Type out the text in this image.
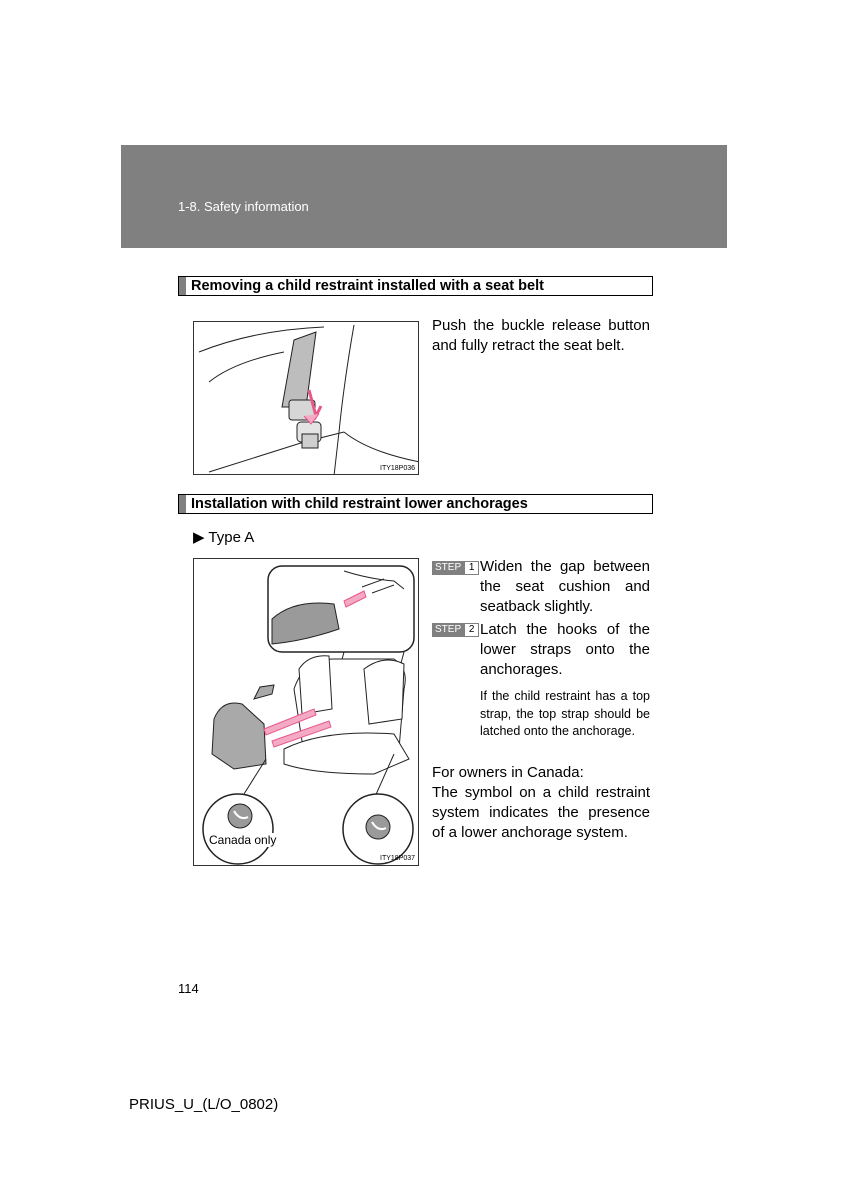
1-8. Safety information
Removing a child restraint installed with a seat belt
ITY18P036
Push the buckle release button and fully retract the seat belt.
Installation with child restraint lower anchorages
▶ Type A
Canada only
ITY18P037
STEP 1 Widen the gap between the seat cushion and seatback slightly.
STEP 2 Latch the hooks of the lower straps onto the anchorages.
If the child restraint has a top strap, the top strap should be latched onto the anchorage.
For owners in Canada:
The symbol on a child restraint system indicates the presence of a lower anchorage system.
114
PRIUS_U_(L/O_0802)
